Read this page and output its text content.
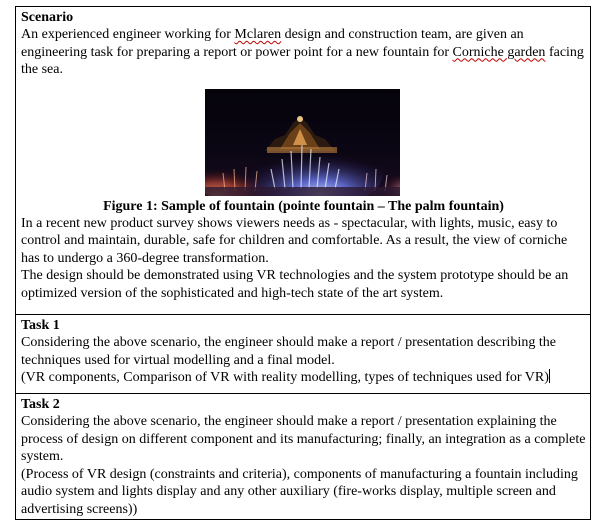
Scenario
An experienced engineer working for Mclaren design and construction team, are given an engineering task for preparing a report or power point for a new fountain for Corniche garden facing the sea.
Figure 1: Sample of fountain (pointe fountain – The palm fountain)
In a recent new product survey shows viewers needs as - spectacular, with lights, music, easy to control and maintain, durable, safe for children and comfortable. As a result, the view of corniche has to undergo a 360-degree transformation.
The design should be demonstrated using VR technologies and the system prototype should be an optimized version of the sophisticated and high-tech state of the art system.
Task 1
Considering the above scenario, the engineer should make a report / presentation describing the techniques used for virtual modelling and a final model.
(VR components, Comparison of VR with reality modelling, types of techniques used for VR)
Task 2
Considering the above scenario, the engineer should make a report / presentation explaining the process of design on different component and its manufacturing; finally, an integration as a complete system.
(Process of VR design (constraints and criteria), components of manufacturing a fountain including audio system and lights display and any other auxiliary (fire-works display, multiple screen and advertising screens))
